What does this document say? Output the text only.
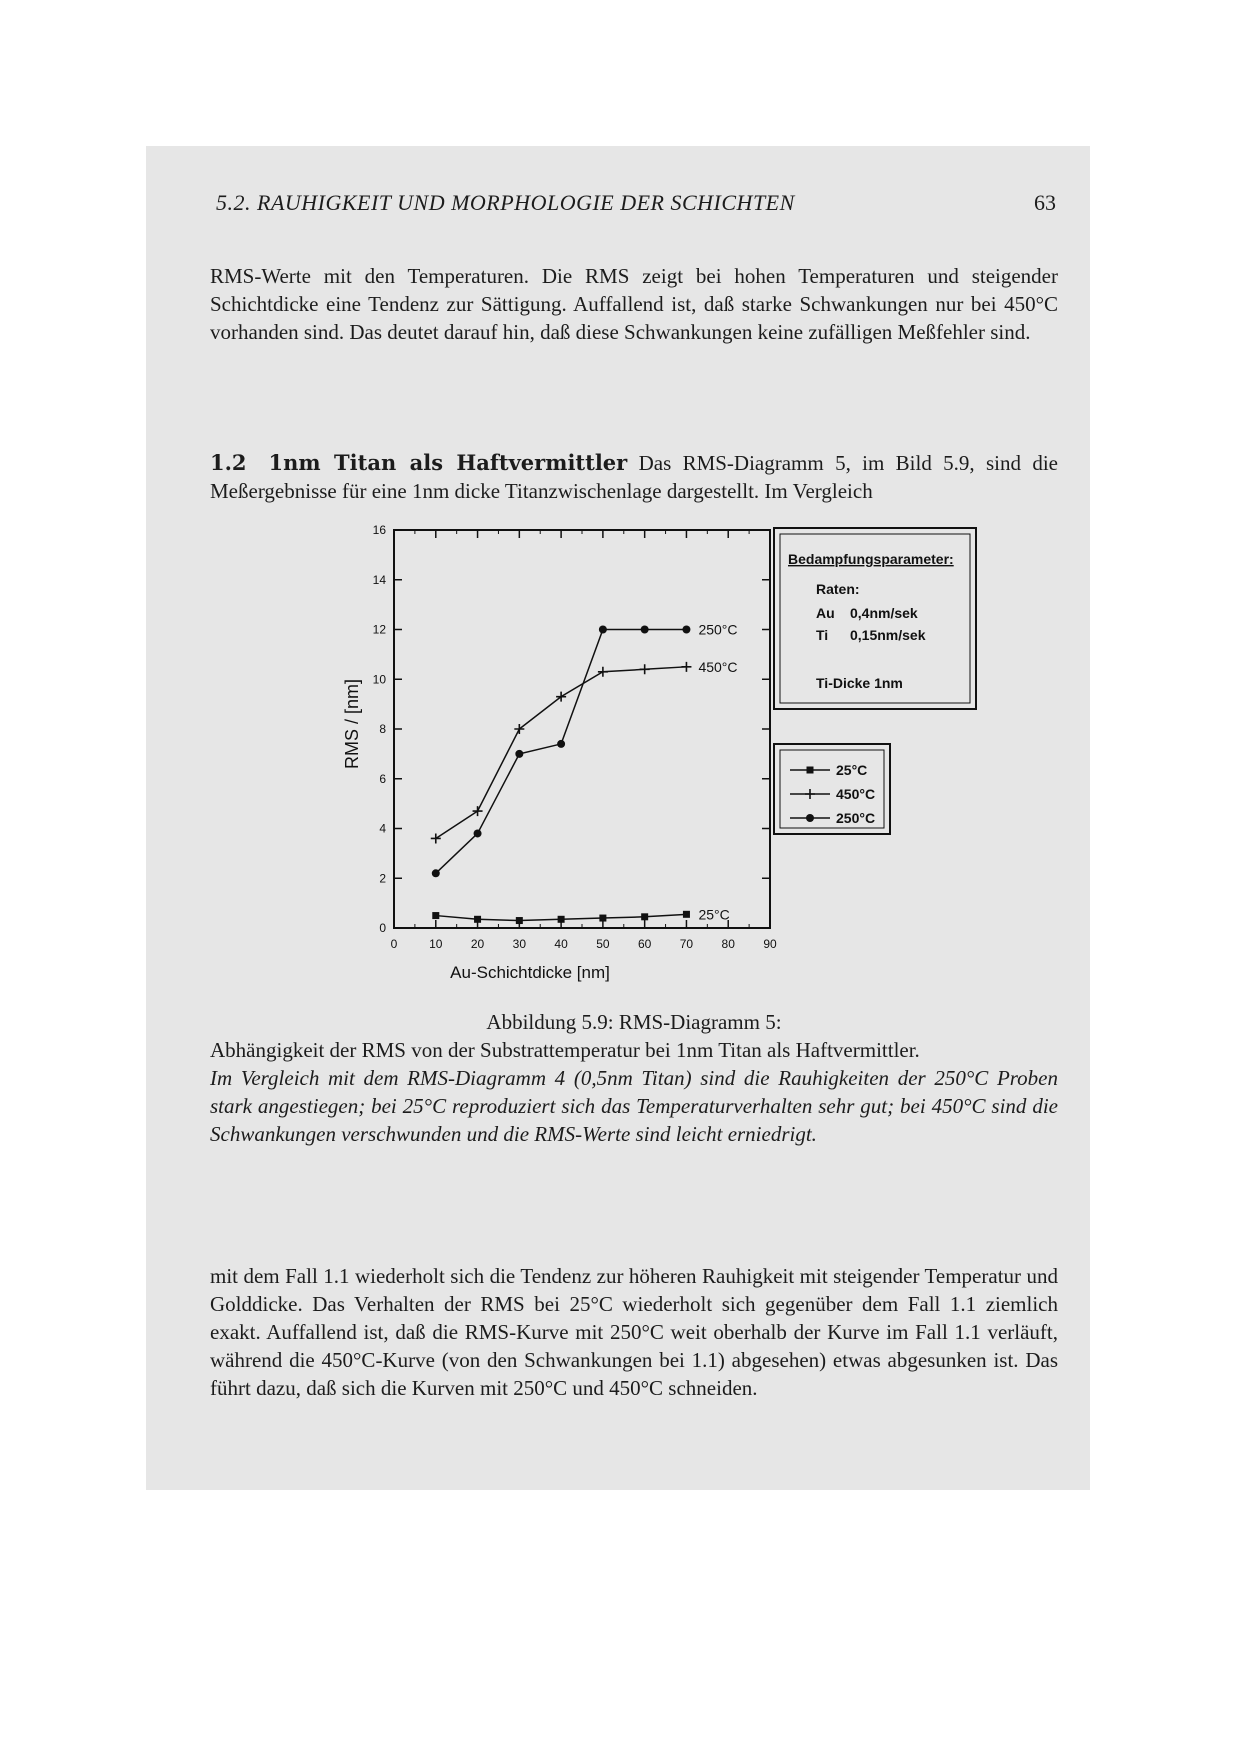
5.2. RAUHIGKEIT UND MORPHOLOGIE DER SCHICHTEN	63
RMS-Werte mit den Temperaturen. Die RMS zeigt bei hohen Temperaturen und steigender Schichtdicke eine Tendenz zur Sättigung. Auffallend ist, daß starke Schwankungen nur bei 450°C vorhanden sind. Das deutet darauf hin, daß diese Schwankungen keine zufälligen Meßfehler sind.
1.2 1nm Titan als Haftvermittler Das RMS-Diagramm 5, im Bild 5.9, sind die Meßergebnisse für eine 1nm dicke Titanzwischenlage dargestellt. Im Vergleich
0	10 20 30 40 50 60 70 80 90
0
2
4
6
8
10
12
14
16
250°C
450°C
25°C
Au-Schichtdicke [nm]
RMS / [nm]
Bedampfungsparameter:
Raten:
Au 0,4nm/sek
Ti 0,15nm/sek
Ti-Dicke 1nm
25°C
450°C
250°C
Abbildung 5.9: RMS-Diagramm 5:
Abhängigkeit der RMS von der Substrattemperatur bei 1nm Titan als Haftvermittler.
Im Vergleich mit dem RMS-Diagramm 4 (0,5nm Titan) sind die Rauhigkeiten der 250°C Proben stark angestiegen; bei 25°C reproduziert sich das Temperaturverhalten sehr gut; bei 450°C sind die Schwankungen verschwunden und die RMS-Werte sind leicht erniedrigt.
mit dem Fall 1.1 wiederholt sich die Tendenz zur höheren Rauhigkeit mit steigender Temperatur und Golddicke. Das Verhalten der RMS bei 25°C wiederholt sich gegenüber dem Fall 1.1 ziemlich exakt. Auffallend ist, daß die RMS-Kurve mit 250°C weit oberhalb der Kurve im Fall 1.1 verläuft, während die 450°C-Kurve (von den Schwankungen bei 1.1) abgesehen) etwas abgesunken ist. Das führt dazu, daß sich die Kurven mit 250°C und 450°C schneiden.
